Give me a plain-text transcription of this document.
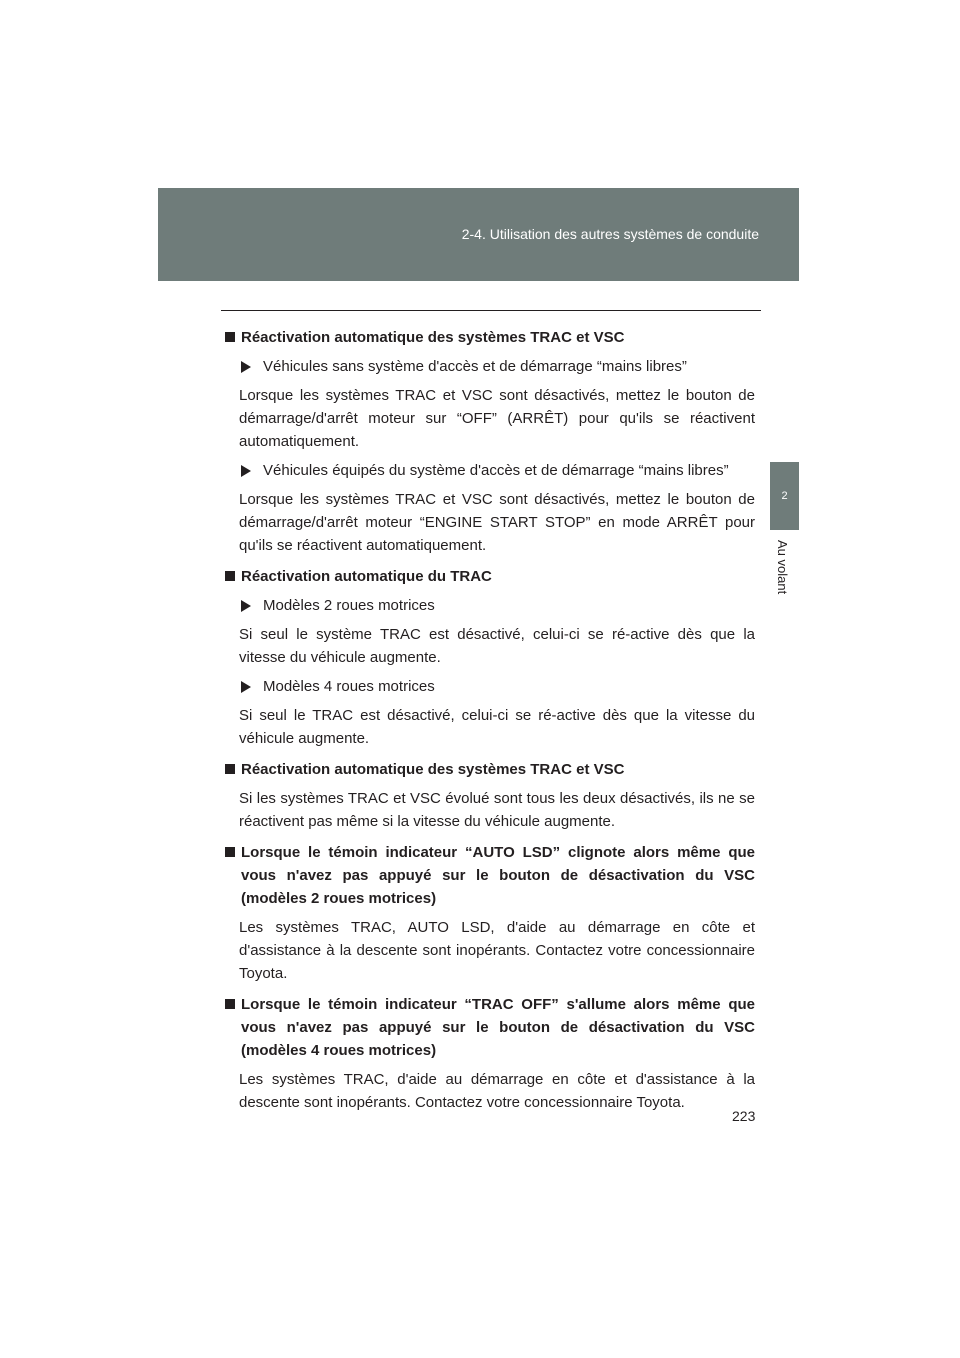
2-4. Utilisation des autres systèmes de conduite
2
Au volant
Réactivation automatique des systèmes TRAC et VSC
Véhicules sans système d'accès et de démarrage “mains libres”
Lorsque les systèmes TRAC et VSC sont désactivés, mettez le bouton de démarrage/d'arrêt moteur sur “OFF” (ARRÊT) pour qu'ils se réactivent automatiquement.
Véhicules équipés du système d'accès et de démarrage “mains libres”
Lorsque les systèmes TRAC et VSC sont désactivés, mettez le bouton de démarrage/d'arrêt moteur “ENGINE START STOP” en mode ARRÊT pour qu'ils se réactivent automatiquement.
Réactivation automatique du TRAC
Modèles 2 roues motrices
Si seul le système TRAC est désactivé, celui-ci se ré-active dès que la vitesse du véhicule augmente.
Modèles 4 roues motrices
Si seul le TRAC est désactivé, celui-ci se ré-active dès que la vitesse du véhicule augmente.
Réactivation automatique des systèmes TRAC et VSC
Si les systèmes TRAC et VSC évolué sont tous les deux désactivés, ils ne se réactivent pas même si la vitesse du véhicule augmente.
Lorsque le témoin indicateur “AUTO LSD” clignote alors même que vous n'avez pas appuyé sur le bouton de désactivation du VSC (modèles 2 roues motrices)
Les systèmes TRAC, AUTO LSD, d'aide au démarrage en côte et d'assistance à la descente sont inopérants. Contactez votre concessionnaire Toyota.
Lorsque le témoin indicateur “TRAC OFF” s'allume alors même que vous n'avez pas appuyé sur le bouton de désactivation du VSC (modèles 4 roues motrices)
Les systèmes TRAC, d'aide au démarrage en côte et d'assistance à la descente sont inopérants. Contactez votre concessionnaire Toyota.
223
